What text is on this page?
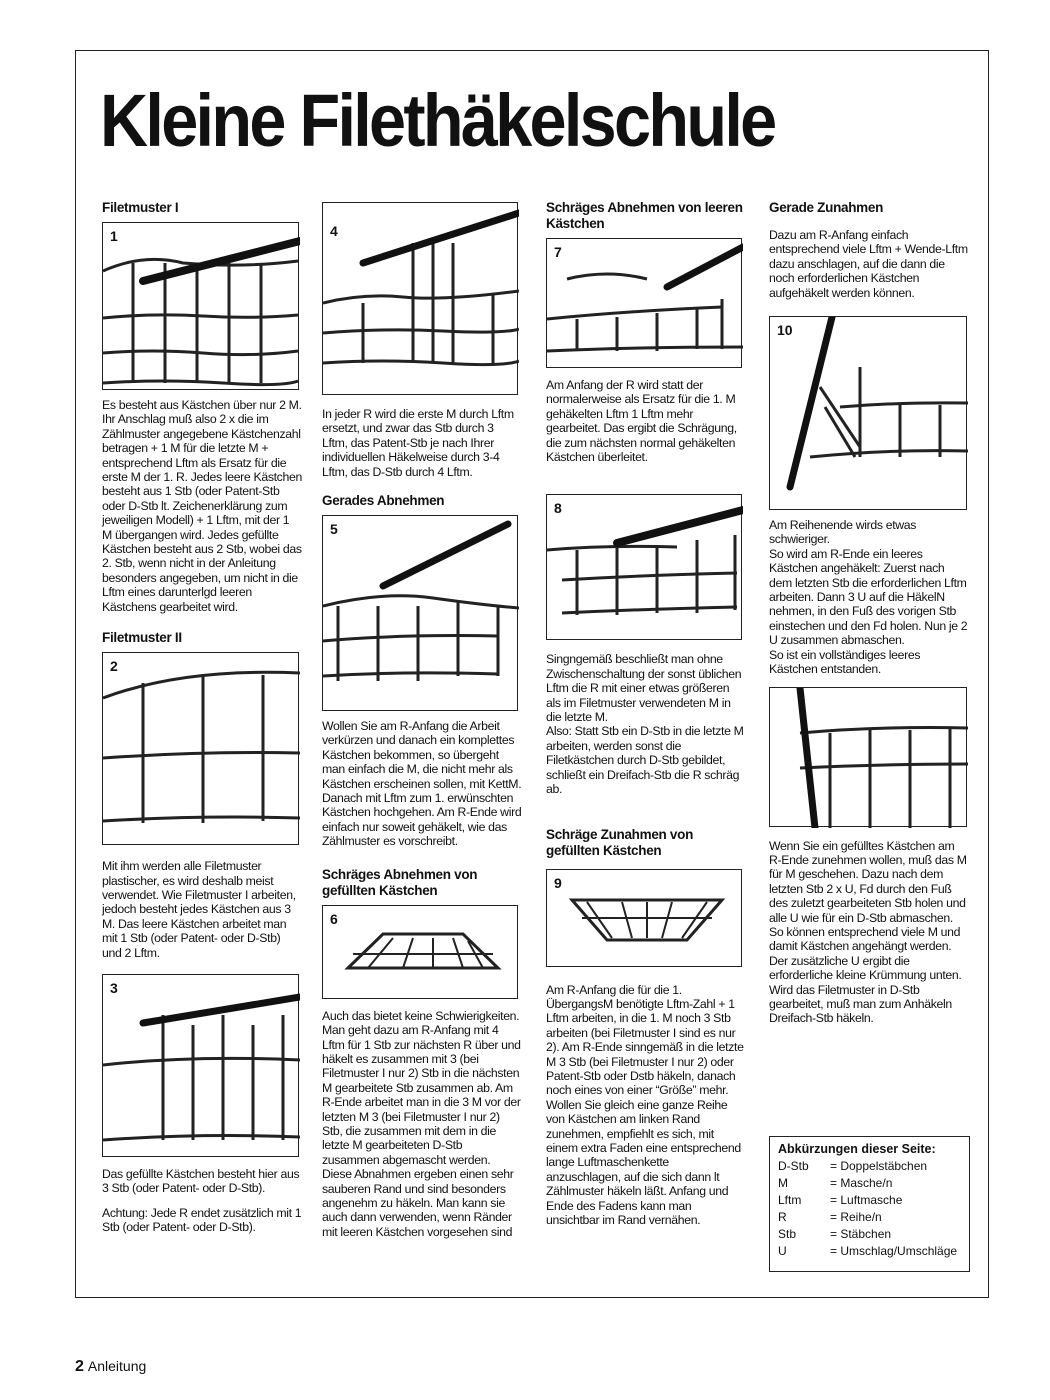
Kleine Filethäkelschule
Filetmuster I
1

Es besteht aus Kästchen über nur 2 M. Ihr Anschlag muß also 2 x die im Zählmuster angegebene Kästchenzahl betragen + 1 M für die letzte M + entsprechend Lftm als Ersatz für die erste M der 1. R. Jedes leere Kästchen besteht aus 1 Stb (oder Patent-Stb oder D-Stb lt. Zeichenerklärung zum jeweiligen Modell) + 1 Lftm, mit der 1 M übergangen wird. Jedes gefüllte Kästchen besteht aus 2 Stb, wobei das 2. Stb, wenn nicht in der Anleitung besonders angegeben, um nicht in die Lftm eines darunterlgd leeren Kästchens gearbeitet wird.

Filetmuster II
2

Mit ihm werden alle Filetmuster plastischer, es wird deshalb meist verwendet. Wie Filetmuster I arbeiten, jedoch besteht jedes Kästchen aus 3 M. Das leere Kästchen arbeitet man mit 1 Stb (oder Patent- oder D-Stb) und 2 Lftm.

3

Das gefüllte Kästchen besteht hier aus 3 Stb (oder Patent- oder D-Stb).

Achtung: Jede R endet zusätzlich mit 1 Stb (oder Patent- oder D-Stb).

4

In jeder R wird die erste M durch Lftm ersetzt, und zwar das Stb durch 3 Lftm, das Patent-Stb je nach Ihrer individuellen Häkelweise durch 3-4 Lftm, das D-Stb durch 4 Lftm.

Gerades Abnehmen
5

Wollen Sie am R-Anfang die Arbeit verkürzen und danach ein komplettes Kästchen bekommen, so übergeht man einfach die M, die nicht mehr als Kästchen erscheinen sollen, mit KettM. Danach mit Lftm zum 1. erwünschten Kästchen hochgehen. Am R-Ende wird einfach nur soweit gehäkelt, wie das Zählmuster es vorschreibt.

Schräges Abnehmen von gefüllten Kästchen
6

Auch das bietet keine Schwierigkeiten. Man geht dazu am R-Anfang mit 4 Lftm für 1 Stb zur nächsten R über und häkelt es zusammen mit 3 (bei Filetmuster I nur 2) Stb in die nächsten M gearbeitete Stb zusammen ab. Am R-Ende arbeitet man in die 3 M vor der letzten M 3 (bei Filetmuster I nur 2) Stb, die zusammen mit dem in die letzte M gearbeiteten D-Stb zusammen abgemascht werden. Diese Abnahmen ergeben einen sehr sauberen Rand und sind besonders angenehm zu häkeln. Man kann sie auch dann verwenden, wenn Ränder mit leeren Kästchen vorgesehen sind

Schräges Abnehmen von leeren Kästchen
7

Am Anfang der R wird statt der normalerweise als Ersatz für die 1. M gehäkelten Lftm 1 Lftm mehr gearbeitet. Das ergibt die Schrägung, die zum nächsten normal gehäkelten Kästchen überleitet.

8

Singngemäß beschließt man ohne Zwischenschaltung der sonst üblichen Lftm die R mit einer etwas größeren als im Filetmuster verwendeten M in die letzte M.

Also: Statt Stb ein D-Stb in die letzte M arbeiten, werden sonst die Filetkästchen durch D-Stb gebildet, schließt ein Dreifach-Stb die R schräg ab.

Schräge Zunahmen von gefüllten Kästchen
9

Am R-Anfang die für die 1. ÜbergangsM benötigte Lftm-Zahl + 1 Lftm arbeiten, in die 1. M noch 3 Stb arbeiten (bei Filetmuster I sind es nur 2). Am R-Ende sinngemäß in die letzte M 3 Stb (bei Filetmuster I nur 2) oder Patent-Stb oder Dstb häkeln, danach noch eines von einer “Größe” mehr. Wollen Sie gleich eine ganze Reihe von Kästchen am linken Rand zunehmen, empfiehlt es sich, mit einem extra Faden eine entsprechend lange Luftmaschenkette anzuschlagen, auf die sich dann lt Zählmuster häkeln läßt. Anfang und Ende des Fadens kann man unsichtbar im Rand vernähen.

Gerade Zunahmen

Dazu am R-Anfang einfach entsprechend viele Lftm + Wende-Lftm dazu anschlagen, auf die dann die noch erforderlichen Kästchen aufgehäkelt werden können.

10

Am Reihenende wirds etwas schwieriger.

So wird am R-Ende ein leeres Kästchen angehäkelt: Zuerst nach dem letzten Stb die erforderlichen Lftm arbeiten. Dann 3 U auf die HäkelN nehmen, in den Fuß des vorigen Stb einstechen und den Fd holen. Nun je 2 U zusammen abmaschen.

So ist ein vollständiges leeres Kästchen entstanden.

Wenn Sie ein gefülltes Kästchen am R-Ende zunehmen wollen, muß das M für M geschehen. Dazu nach dem letzten Stb 2 x U, Fd durch den Fuß des zuletzt gearbeiteten Stb holen und alle U wie für ein D-Stb abmaschen. So können entsprechend viele M und damit Kästchen angehängt werden. Der zusätzliche U ergibt die erforderliche kleine Krümmung unten. Wird das Filetmuster in D-Stb gearbeitet, muß man zum Anhäkeln Dreifach-Stb häkeln.

Abkürzungen dieser Seite:
D-Stb	= Doppelstäbchen
M	= Masche/n
Lftm	= Luftmasche
R	= Reihe/n
Stb	= Stäbchen
U	= Umschlag/Umschläge
2 Anleitung
